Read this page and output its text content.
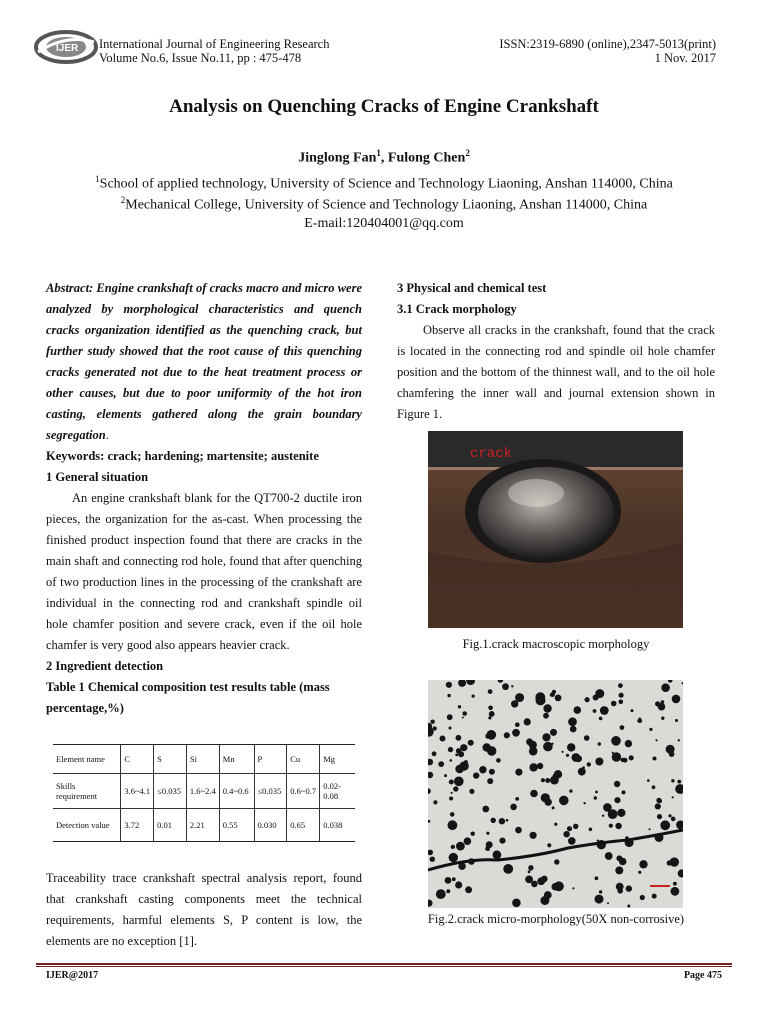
IJER International Journal of Engineering Research
Volume No.6, Issue No.11, pp : 475-478
ISSN:2319-6890 (online),2347-5013(print)
1 Nov. 2017
Analysis on Quenching Cracks of Engine Crankshaft
Jinglong Fan$^1$, Fulong Chen$^2$
$^1$School of applied technology, University of Science and Technology Liaoning, Anshan 114000, China
$^2$Mechanical College, University of Science and Technology Liaoning, Anshan 114000, China
E-mail:120404001@qq.com

Abstract: Engine crankshaft of cracks macro and micro were analyzed by morphological characteristics and quench cracks organization identified as the quenching crack, but further study showed that the root cause of this quenching cracks generated not due to the heat treatment process or other causes, but due to poor uniformity of the hot iron casting, elements gathered along the grain boundary segregation.

Keywords: crack; hardening; martensite; austenite

1 General situation

An engine crankshaft blank for the QT700-2 ductile iron pieces, the organization for the as-cast. When processing the finished product inspection found that there are cracks in the main shaft and connecting rod hole, found that after quenching of two production lines in the processing of the crankshaft are individual in the connecting rod and crankshaft spindle oil hole chamfer position and severe crack, even if the oil hole chamfer is very good also appears heavier crack.

2 Ingredient detection

Table 1 Chemical composition test results table (mass percentage,%)

Element name	C	S	Si	Mn	P	Cu	Mg
Skills requirement	3.6~4.1	≤0.035	1.6~2.4	0.4~0.6	≤0.035	0.6~0.7	0.02-0.08
Detection value	3.72	0.01	2.21	0.55	0.030	0.65	0.038

Traceability trace crankshaft spectral analysis report, found that crankshaft casting components meet the technical requirements, harmful elements S, P content is low, the elements are no exception [1].

3 Physical and chemical test

3.1 Crack morphology

Observe all cracks in the crankshaft, found that the crack is located in the connecting rod and spindle oil hole chamfer position and the bottom of the thinnest wall, and to the oil hole chamfering the inner wall and journal extension shown in Figure 1.

crack
Fig.1.crack macroscopic morphology
Fig.2.crack micro-morphology(50X non-corrosive)
IJER@2017	Page 475
